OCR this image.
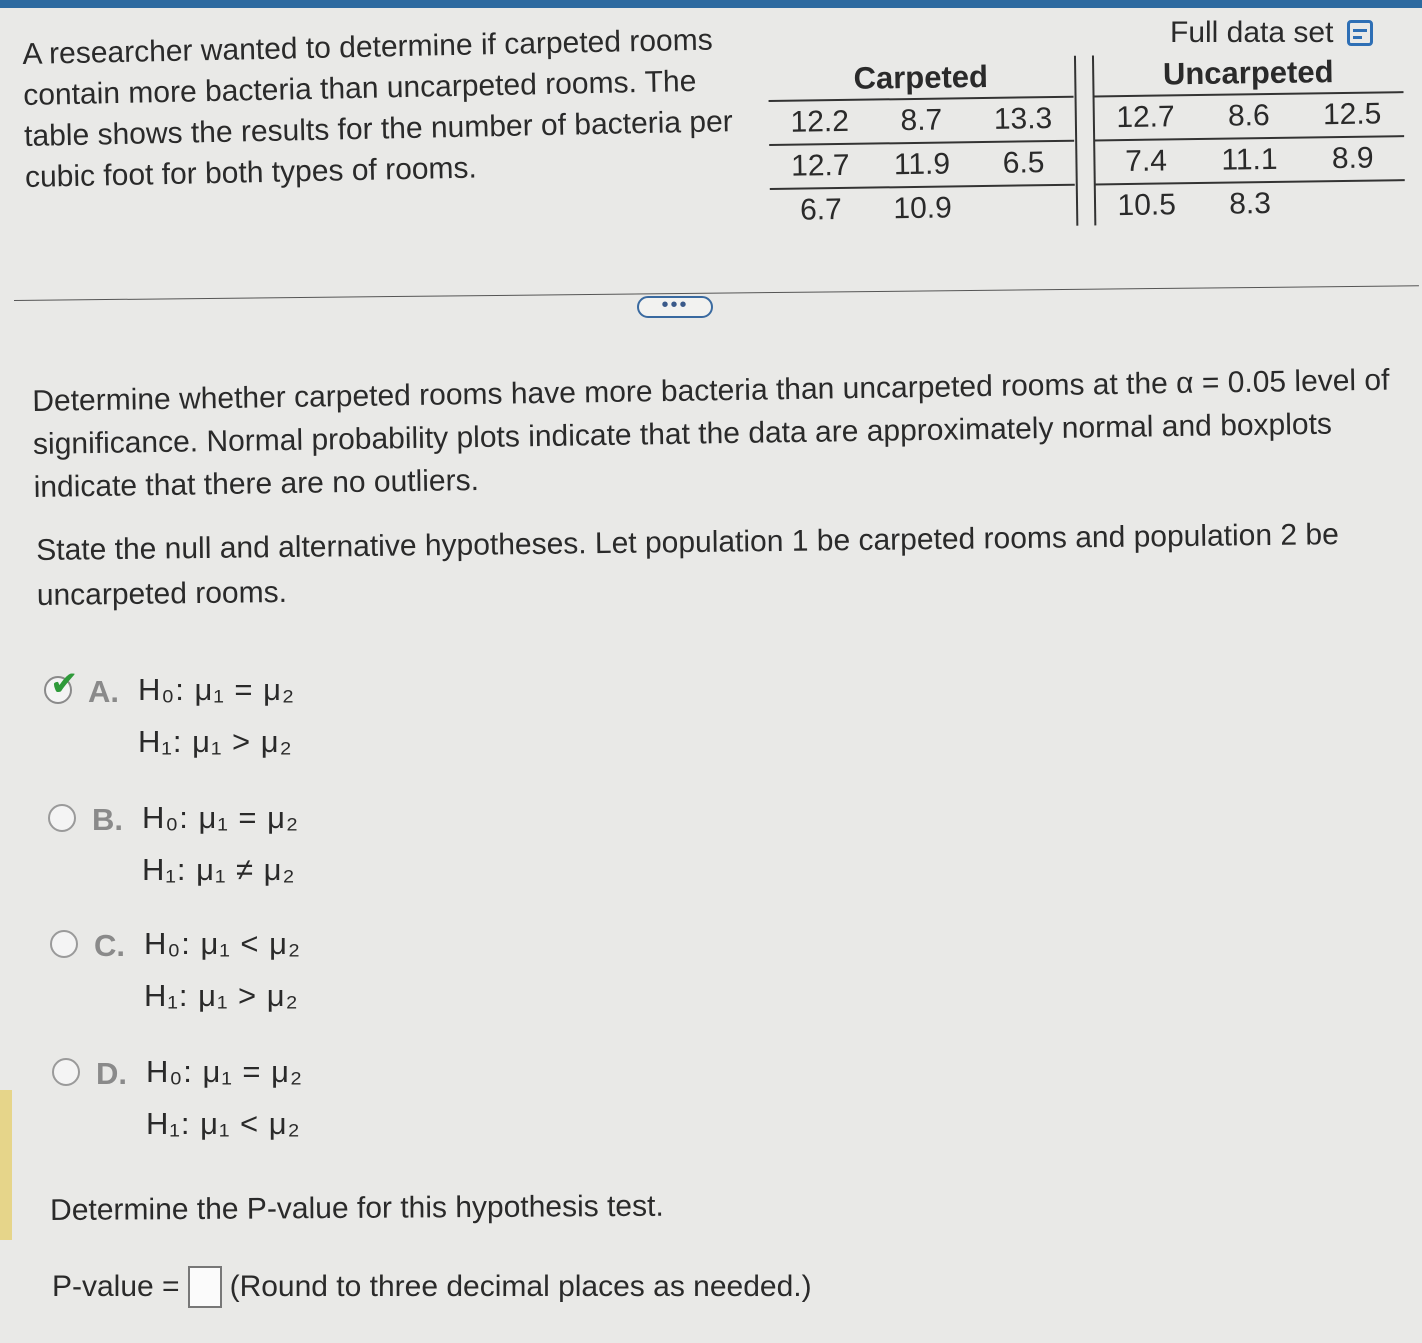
A researcher wanted to determine if carpeted rooms contain more bacteria than uncarpeted rooms. The table shows the results for the number of bacteria per cubic foot for both types of rooms.
Full data set
Carpeted
12.2	8.7	13.3
12.7	11.9	6.5
6.7	10.9
Uncarpeted
12.7	8.6	12.5
7.4	11.1	8.9
10.5	8.3
•••
Determine whether carpeted rooms have more bacteria than uncarpeted rooms at the α = 0.05 level of significance. Normal probability plots indicate that the data are approximately normal and boxplots indicate that there are no outliers.
State the null and alternative hypotheses. Let population 1 be carpeted rooms and population 2 be uncarpeted rooms.
✔ A. H₀: μ₁ = μ₂
H₁: μ₁ > μ₂
B. H₀: μ₁ = μ₂
H₁: μ₁ ≠ μ₂
C. H₀: μ₁ < μ₂
H₁: μ₁ > μ₂
D. H₀: μ₁ = μ₂
H₁: μ₁ < μ₂
Determine the P-value for this hypothesis test.
P-value = (Round to three decimal places as needed.)
